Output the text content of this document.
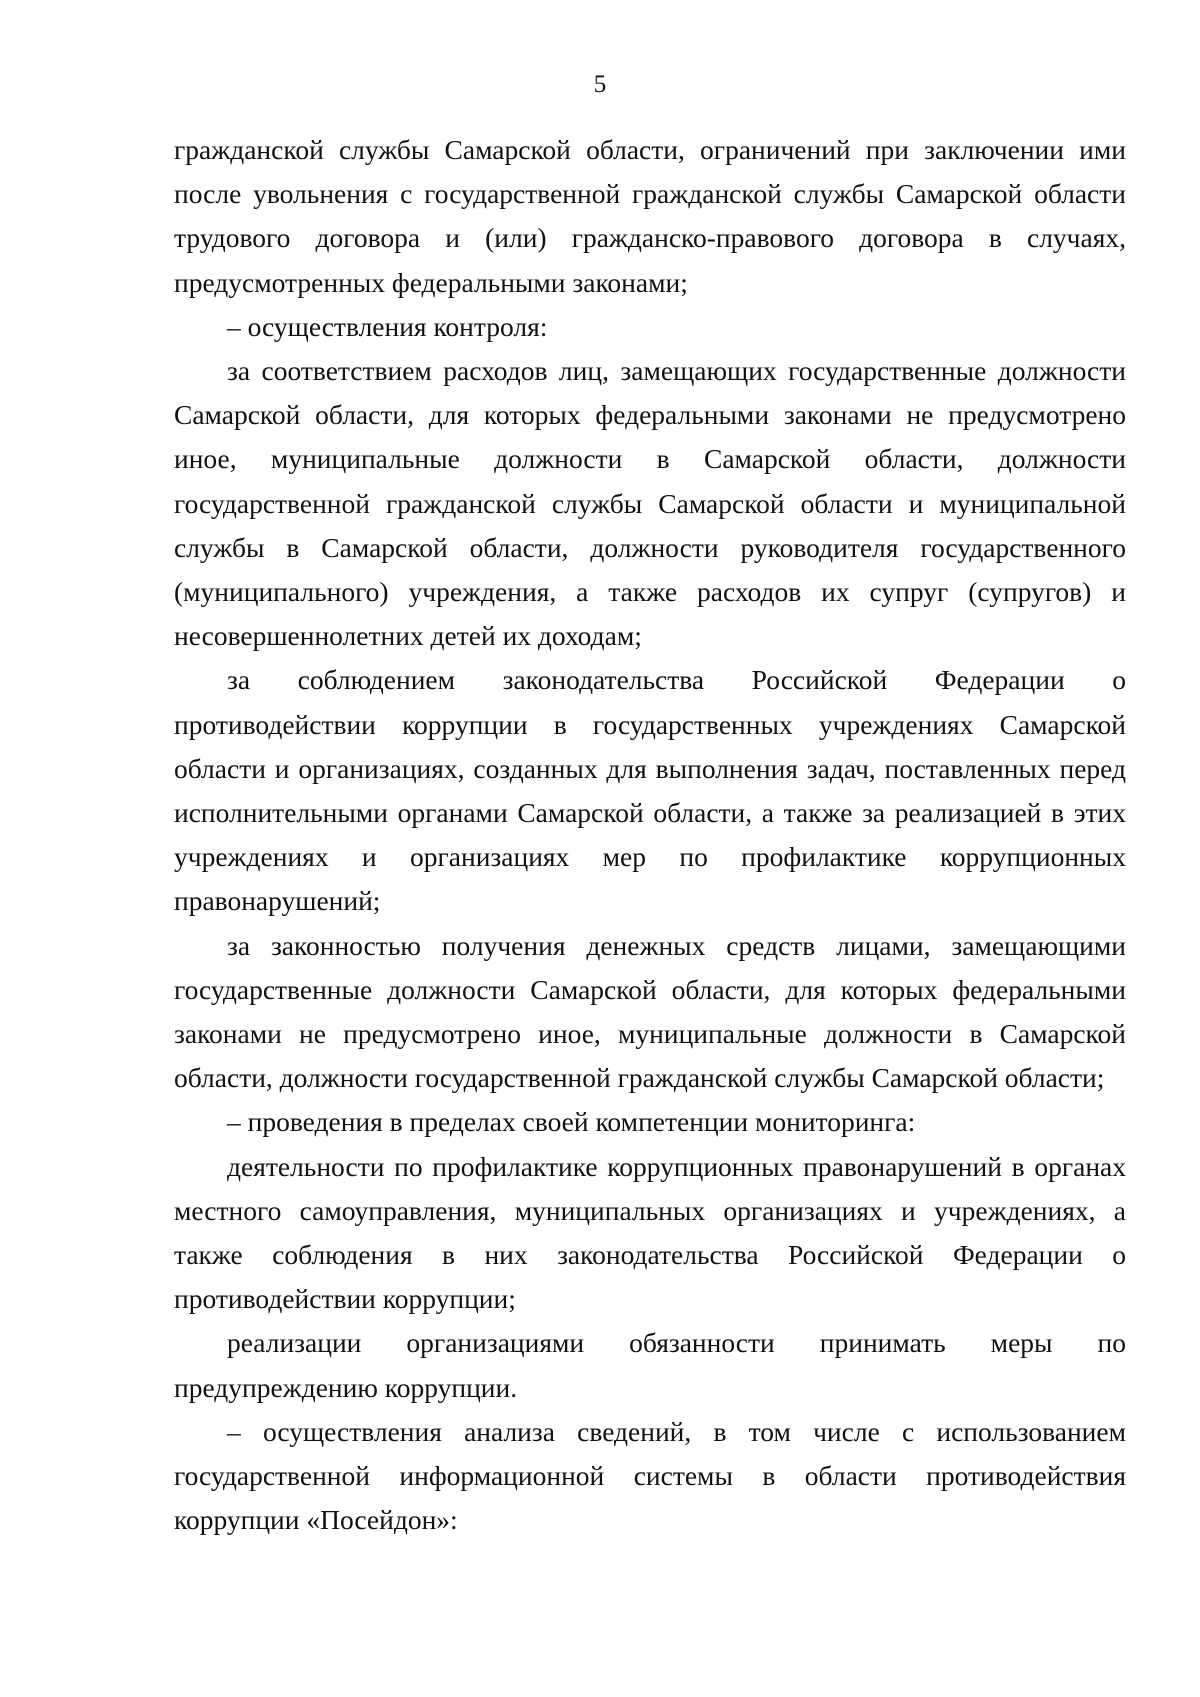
5

гражданской службы Самарской области, ограничений при заключении ими после увольнения с государственной гражданской службы Самарской области трудового договора и (или) гражданско-правового договора в случаях, предусмотренных федеральными законами;

– осуществления контроля:

за соответствием расходов лиц, замещающих государственные должности Самарской области, для которых федеральными законами не предусмотрено иное, муниципальные должности в Самарской области, должности государственной гражданской службы Самарской области и муниципальной службы в Самарской области, должности руководителя государственного (муниципального) учреждения, а также расходов их супруг (супругов) и несовершеннолетних детей их доходам;

за соблюдением законодательства Российской Федерации о противодействии коррупции в государственных учреждениях Самарской области и организациях, созданных для выполнения задач, поставленных перед исполнительными органами Самарской области, а также за реализацией в этих учреждениях и организациях мер по профилактике коррупционных правонарушений;

за законностью получения денежных средств лицами, замещающими государственные должности Самарской области, для которых федеральными законами не предусмотрено иное, муниципальные должности в Самарской области, должности государственной гражданской службы Самарской области;

– проведения в пределах своей компетенции мониторинга:

деятельности по профилактике коррупционных правонарушений в органах местного самоуправления, муниципальных организациях и учреждениях, а также соблюдения в них законодательства Российской Федерации о противодействии коррупции;

реализации организациями обязанности принимать меры по предупреждению коррупции.

– осуществления анализа сведений, в том числе с использованием государственной информационной системы в области противодействия коррупции «Посейдон»:
